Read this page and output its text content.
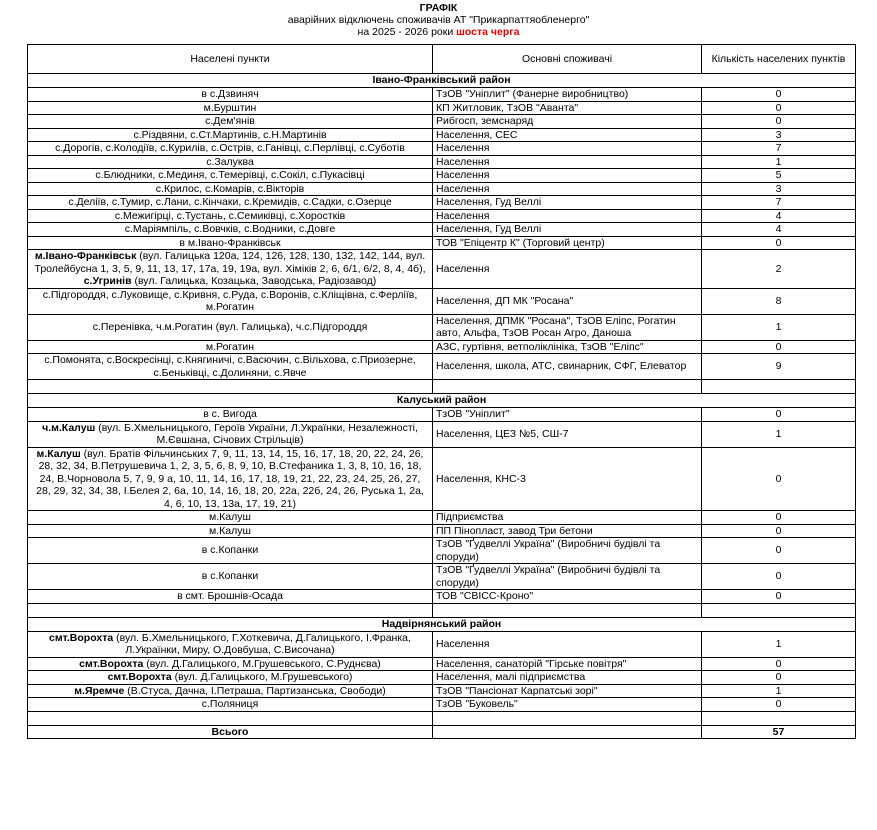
ГРАФІК
аварійних відключень споживачів АТ "Прикарпаттяобленерго"
на 2025 - 2026 роки шоста черга
Населені пункти	Основні споживачі	Кількість населених пунктів
Івано-Франківський район		
в с.Дзвиняч	ТзОВ "Уніплит" (Фанерне виробництво)	0
м.Бурштин	КП Житловик, ТзОВ "Аванта"	0
с.Дем'янів	Рибгосп, земснаряд	0
с.Різдвяни, с.Ст.Мартинів, с.Н.Мартинів	Населення, СЕС	3
с.Дорогів, с.Колодіїв, с.Курилів, с.Острів, с.Ганівці, с.Перлівці, с.Суботів	Населення	7
с.Залуква	Населення	1
с.Блюдники, с.Мединя, с.Темерівці, с.Сокіл, с.Пукасівці	Населення	5
с.Крилос, с.Комарів, с.Вікторів	Населення	3
с.Деліїв, с.Тумир, с.Лани, с.Кінчаки, с.Кремидів, с.Садки, с.Озерце	Населення, Гуд Веллі	7
с.Межигірці, с.Тустань, с.Семиківці, с.Хоростків	Населення	4
с.Маріямпіль, с.Вовчків, с.Водники, с.Довге	Населення, Гуд Веллі	4
в м.Івано-Франківськ	ТОВ "Епіцентр К" (Торговий центр)	0
м.Івано-Франківськ (вул. Галицька 120а, 124, 126, 128, 130, 132, 142, 144, вул. Тролейбусна 1, 3, 5, 9, 11, 13, 17, 17а, 19, 19а, вул. Хіміків 2, 6, 6/1, 6/2, 8, 4, 4б), с.Угринів (вул. Галицька, Козацька, Заводська, Радіозавод)	Населення	2
с.Підгороддя, с.Луковище, с.Кривня, с.Руда, с.Воронів, с.Кліщівна, с.Ферліїв, м.Рогатин	Населення, ДП МК "Росана"	8
с.Перенівка, ч.м.Рогатин (вул. Галицька), ч.с.Підгороддя	Населення, ДПМК "Росана", ТзОВ Еліпс, Рогатин авто, Альфа, ТзОВ Росан Агро, Даноша	1
м.Рогатин	АЗС, гуртівня, ветполіклініка, ТзОВ "Еліпс"	0
с.Помонята, с.Воскресінці, с.Княгиничі, с.Васючин, с.Вільхова, с.Приозерне, с.Беньківці, с.Долиняни, с.Явче	Населення, школа, АТС, свинарник, СФГ, Елеватор	9

Калуський район		
в с. Вигода	ТзОВ "Уніплит"	0
ч.м.Калуш (вул. Б.Хмельницького, Героїв України, Л.Українки, Незалежності, М.Євшана, Січових Стрільців)	Населення, ЦЕЗ №5, СШ-7	1
м.Калуш (вул. Братів Фільчинських 7, 9, 11, 13, 14, 15, 16, 17, 18, 20, 22, 24, 26, 28, 32, 34, В.Петрушевича 1, 2, 3, 5, 6, 8, 9, 10, В.Стефаника 1, 3, 8, 10, 16, 18, 24, В.Чорновола 5, 7, 9, 9 а, 10, 11, 14, 16, 17, 18, 19, 21, 22, 23, 24, 25, 26, 27, 28, 29, 32, 34, 38, І.Белея 2, 6а, 10, 14, 16, 18, 20, 22а, 22б, 24, 26, Руська 1, 2а, 4, 6, 10, 13, 13а, 17, 19, 21)	Населення, КНС-3	0
м.Калуш	Підприємства	0
м.Калуш	ПП Пінопласт, завод Три бетони	0
в с.Копанки	ТзОВ "Ґудвеллі Україна" (Виробничі будівлі та споруди)	0
в с.Копанки	ТзОВ "Ґудвеллі Україна" (Виробничі будівлі та споруди)	0
в смт. Брошнів-Осада	ТОВ "СВІСС-Кроно"	0

Надвірнянський район		
смт.Ворохта (вул. Б.Хмельницького, Г.Хоткевича, Д.Галицького, І.Франка, Л.Українки, Миру, О.Довбуша, С.Височана)	Населення	1
смт.Ворохта (вул. Д.Галицького, М.Грушевського, С.Руднєва)	Населення, санаторій "Гірське повітря"	0
смт.Ворохта (вул. Д.Галицького, М.Грушевського)	Населення, малі підприємства	0
м.Яремче (В.Стуса, Дачна, І.Петраша, Партизанська, Свободи)	ТзОВ "Пансіонат Карпатські зорі"	1
с.Поляниця	ТзОВ "Буковель"	0

Всього		57
